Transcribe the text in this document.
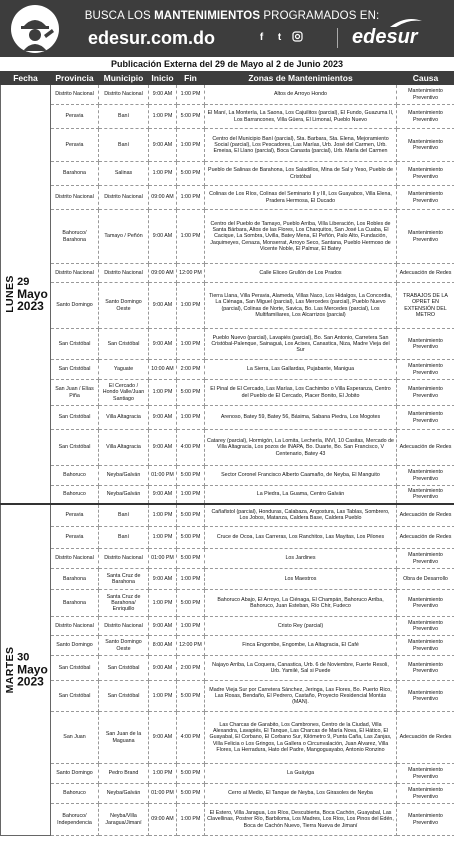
BUSCA LOS MANTENIMIENTOS PROGRAMADOS EN:
edesur.com.do	f	t	edesur
Publicación Externa del 29 de Mayo al 2 de Junio 2023
Fecha	Provincia	Municipio	Inicio	Fin	Zonas de Mantenimientos	Causa

LUNES 29
Mayo
2023	Distrito Nacional	Distrito Nacional	9:00 AM	1:00 PM	Altos de Arroyo Hondo	Mantenimiento Preventivo
	Peravia	Baní	1:00 PM	5:00 PM	El Maní, La Montería, La Saona, Los Cajuilitos (parcial), El Fundo, Guazuma II, Los Barrancones, Villa Güera, El Limonal, Pueblo Nuevo	Mantenimiento Preventivo
	Peravia	Baní	9:00 AM	1:00 PM	Centro del Municipio Baní (parcial), Sta. Barbara, Sta. Elena, Mejoramiento Social (parcial), Los Pescadores, Las Marías, Urb. José del Carmen, Urb. Emeisa, El Llano (parcial), Boca Canasta (parcial), Urb. María del Carmen	Mantenimiento Preventivo
	Barahona	Salinas	1:00 PM	5:00 PM	Pueblo de Salinas de Barahona, Los Saladillos, Mina de Sal y Yeso, Pueblo de Cristóbal	Mantenimiento Preventivo
	Distrito Nacional	Distrito Nacional	09:00 AM	1:00 PM	Colinas de Los Ríos, Colinas del Seminario II y III, Los Guayabos, Villa Elena, Pradera Hermosa, El Ducado	Mantenimiento Preventivo
	Bahoruco/ Barahona	Tamayo / Peñón	9:00 AM	1:00 PM	Centro del Pueblo de Tamayo, Pueblo Arriba, Villa Liberación, Los Robles de Santa Bárbara, Altos de las Flores, Los Charquitos, San José La Cuaba, El Cacique, La Sombra, Uvilla, Batey Mena, El Peñón, Palo Alto, Fundación, Jaquimeyes, Cenaza, Monserrat, Arroyo Seco, Santana, Pueblo Hermoso de Vicente Noble, El Palmar, El Batey	Mantenimiento Preventivo
	Distrito Nacional	Distrito Nacional	09:00 AM	12:00 PM	Calle Eliceo Grullón de Los Prados	Adecuación de Redes
	Santo Domingo	Santo Domingo Oeste	9:00 AM	1:00 PM	Tierra Llana, Villa Peravia, Alameda, Villas Naco, Los Hidalgos, La Concordia, La Ciénaga, San Miguel (parcial), Las Mercedes (parcial), Pueblo Nuevo (parcial), Colinas de Norte, Savica, Bo. Las Mercedes (parcial), Los Multifamiliares, Los Alcarrizos (parcial)	TRABAJOS DE LA OPRET EN EXTENSIÓN DEL METRO
	San Cristóbal	San Cristóbal	9:00 AM	1:00 PM	Pueblo Nuevo (parcial), Lavapiés (parcial), Bo. San Antonio, Carretera San Cristóbal-Palenque, Sainaguá, Los Acises, Canastica, Niza, Madre Vieja del Sur	Mantenimiento Preventivo
	San Cristóbal	Yaguate	10:00 AM	2:00 PM	La Sierra, Las Gallardas, Pujabante, Manigua	Mantenimiento Preventivo
	San Juan / Elías Piña	El Cercado / Hondo Valle/Juan Santiago	1:00 PM	5:00 PM	El Pinal de El Cercado, Las Marías, Los Cachimbo o Villa Esperanza, Centro del Pueblo de El Cercado, Placer Bonito, El Jobito	Mantenimiento Preventivo
	San Cristóbal	Villa Altagracia	9:00 AM	1:00 PM	Arenoso, Batey 59, Batey 56, Básima, Sabana Piedra, Los Mogotes	Mantenimiento Preventivo
	San Cristóbal	Villa Altagracia	9:00 AM	4:00 PM	Catarey (parcial), Hormigón, La Lomita, Lechería, INVI, 10 Casitas, Mercado de Villa Altagracia, Los pozos de INAPA, Bo. Duarte, Bo. San Francisco, V Centenario, Batey 43	Adecuación de Redes
	Bahoruco	Neyba/Galván	01:00 PM	5:00 PM	Sector Coronel Francisco Alberto Caamaño, de Neyba, El Manguito	Mantenimiento Preventivo
	Bahoruco	Neyba/Galván	9:00 AM	1:00 PM	La Piedra, La Guama, Centro Galván	Mantenimiento Preventivo

MARTES 30
Mayo
2023	Peravia	Baní	1:00 PM	5:00 PM	Cañafistol (parcial), Honduras, Calabaza, Angostura, Las Tablas, Sombrero, Los Jobos, Matanza, Caldera Base, Caldera Pueblo	Adecuación de Redes
	Peravia	Baní	1:00 PM	5:00 PM	Cruce de Ocoa, Las Carreras, Los Ranchitos, Las Mayitas, Los Pilones	Adecuación de Redes
	Distrito Nacional	Distrito Nacional	01:00 PM	5:00 PM	Los Jardines	Mantenimiento Preventivo
	Barahona	Santa Cruz de Barahona	9:00 AM	1:00 PM	Los Maestros	Obra de Desarrollo
	Barahona	Santa Cruz de Barahona/ Enriquillo	1:00 PM	5:00 PM	Bahoruco Abajo, El Arroyo, La Ciénaga, El Champán, Bahoruco Arriba, Bahoruco, Juan Esteban, Río Chir, Fudeco	Mantenimiento Preventivo
	Distrito Nacional	Distrito Nacional	9:00 AM	1:00 PM	Cristo Rey (parcial)	Mantenimiento Preventivo
	Santo Domingo	Santo Domingo Oeste	8:00 AM	12:00 PM	Finca Engombe, Engombe, La Altagracia, El Café	Mantenimiento Preventivo
	San Cristóbal	San Cristóbal	9:00 AM	2:00 PM	Najayo Arriba, La Coquera, Canastica, Urb. 6 de Noviembre, Fuerte Resoli, Urb. Yamilé, Sal si Puede	Mantenimiento Preventivo
	San Cristóbal	San Cristóbal	1:00 PM	5:00 PM	Madre Vieja Sur por Carretera Sánchez, Jeringa, Las Flores, Bo. Puerto Rico, Las Rosas, Bendaño, El Pedrero, Castaño, Proyecto Residencial Montás (MAN).	Mantenimiento Preventivo
	San Juan	San Juan de la Maguana	9:00 AM	4:00 PM	Las Charcas de Garabito, Los Cambrones, Centro de la Ciudad, Villa Alexandra, Lavapiés, El Tanque, Las Charcas de María Nova, El Hático, El Guayabal, El Corbano, El Corbano Sur, Kilómetro 9, Punta Caña, Las Zanjas, Villa Felicia o Los Gringos, La Gallera o Circunvalación, Juan Alvarez, Villa Flores, La Herradura, Hato del Padre, Mangoguayabo, Antonio Ronzino	Adecuación de Redes
	Santo Domingo	Pedro Brand	1:00 PM	5:00 PM	La Guáyiga	Mantenimiento Preventivo
	Bahoruco	Neyba/Galván	01:00 PM	5:00 PM	Cerro al Medio, El Tanque de Neyba, Los Girasoles de Neyba	Mantenimiento Preventivo
	Bahoruco/ Independencia	Neyba/Villa Jaragua/Jimaní	09:00 AM	1:00 PM	El Estero, Villa Jaragua, Los Ríos, Descubierta, Boca Cachón, Guayabal, Las Clavellinas, Postrer Río, Barbiloma, Los Madres, Los Ríos, Los Pinos del Edén, Boca de Cachón Nuevo, Tierra Nueva de Jimaní	Mantenimiento Preventivo
